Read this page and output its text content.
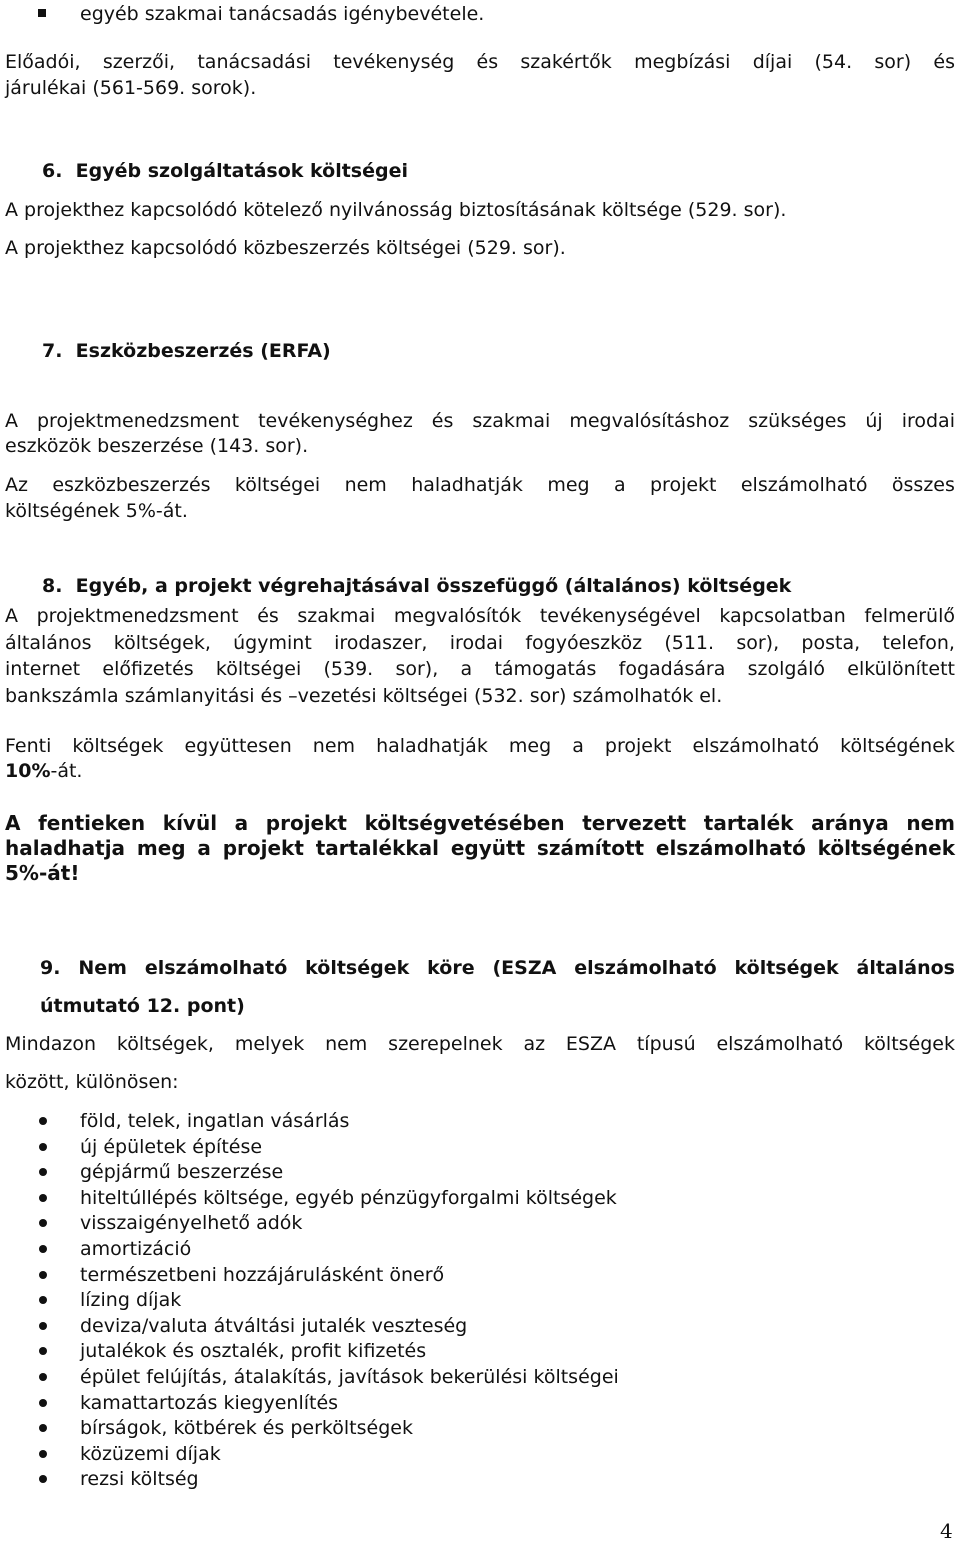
egyéb szakmai tanácsadás igénybevétele.
Előadói, szerzői, tanácsadási tevékenység és szakértők megbízási díjai (54. sor) és
járulékai (561-569. sorok).
6.  Egyéb szolgáltatások költségei
A projekthez kapcsolódó kötelező nyilvánosság biztosításának költsége (529. sor).
A projekthez kapcsolódó közbeszerzés költségei (529. sor).
7.  Eszközbeszerzés (ERFA)
A projektmenedzsment tevékenységhez és szakmai megvalósításhoz szükséges új irodai
eszközök beszerzése (143. sor).
Az eszközbeszerzés költségei nem haladhatják meg a projekt elszámolható összes
költségének 5%-át.
8.  Egyéb, a projekt végrehajtásával összefüggő (általános) költségek
A projektmenedzsment és szakmai megvalósítók tevékenységével kapcsolatban felmerülő
általános költségek, úgymint irodaszer, irodai fogyóeszköz (511. sor), posta, telefon,
internet előfizetés költségei (539. sor), a támogatás fogadására szolgáló elkülönített
bankszámla számlanyitási és –vezetési költségei (532. sor) számolhatók el.
Fenti költségek együttesen nem haladhatják meg a projekt elszámolható költségének
10%-át.
A fentieken kívül a projekt költségvetésében tervezett tartalék aránya nem
haladhatja meg a projekt tartalékkal együtt számított elszámolható költségének
5%-át!
9. Nem elszámolható költségek köre (ESZA elszámolható költségek általános
útmutató 12. pont)
Mindazon költségek, melyek nem szerepelnek az ESZA típusú elszámolható költségek
között, különösen:
föld, telek, ingatlan vásárlás
új épületek építése
gépjármű beszerzése
hiteltúllépés költsége, egyéb pénzügyforgalmi költségek
visszaigényelhető adók
amortizáció
természetbeni hozzájárulásként önerő
lízing díjak
deviza/valuta átváltási jutalék veszteség
jutalékok és osztalék, profit kifizetés
épület felújítás, átalakítás, javítások bekerülési költségei
kamattartozás kiegyenlítés
bírságok, kötbérek és perköltségek
közüzemi díjak
rezsi költség
4
